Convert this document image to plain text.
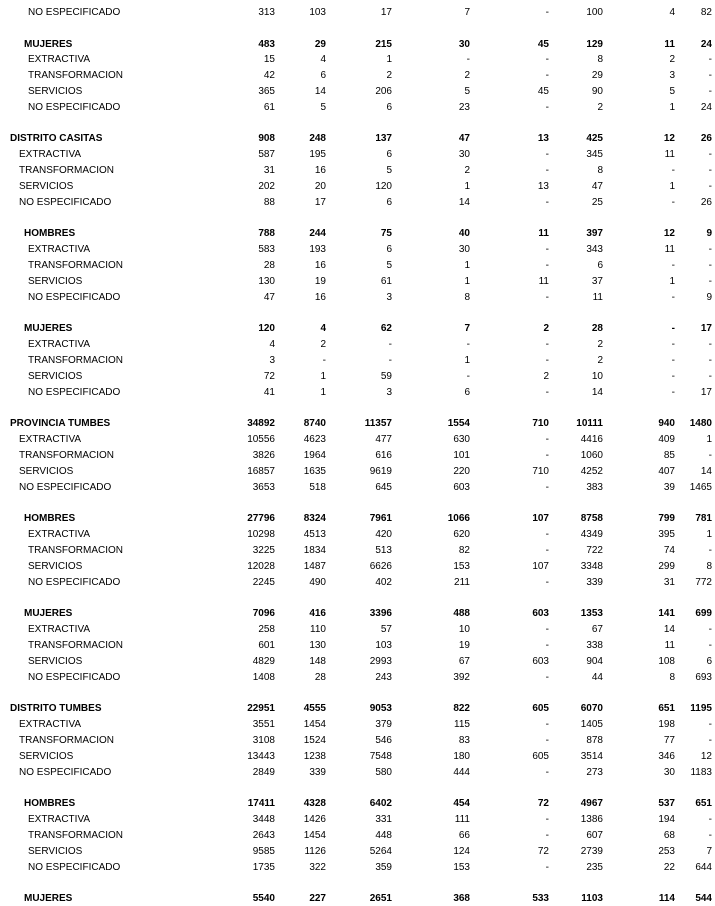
NO ESPECIFICADO	313	103	17	7	-	100	4	82
MUJERES	483	29	215	30	45	129	11	24
EXTRACTIVA	15	4	1	-	-	8	2	-
TRANSFORMACION	42	6	2	2	-	29	3	-
SERVICIOS	365	14	206	5	45	90	5	-
NO ESPECIFICADO	61	5	6	23	-	2	1	24
DISTRITO CASITAS	908	248	137	47	13	425	12	26
EXTRACTIVA	587	195	6	30	-	345	11	-
TRANSFORMACION	31	16	5	2	-	8	-	-
SERVICIOS	202	20	120	1	13	47	1	-
NO ESPECIFICADO	88	17	6	14	-	25	-	26
HOMBRES	788	244	75	40	11	397	12	9
EXTRACTIVA	583	193	6	30	-	343	11	-
TRANSFORMACION	28	16	5	1	-	6	-	-
SERVICIOS	130	19	61	1	11	37	1	-
NO ESPECIFICADO	47	16	3	8	-	11	-	9
MUJERES	120	4	62	7	2	28	-	17
EXTRACTIVA	4	2	-	-	-	2	-	-
TRANSFORMACION	3	-	-	1	-	2	-	-
SERVICIOS	72	1	59	-	2	10	-	-
NO ESPECIFICADO	41	1	3	6	-	14	-	17
PROVINCIA TUMBES	34892	8740	11357	1554	710	10111	940	1480
EXTRACTIVA	10556	4623	477	630	-	4416	409	1
TRANSFORMACION	3826	1964	616	101	-	1060	85	-
SERVICIOS	16857	1635	9619	220	710	4252	407	14
NO ESPECIFICADO	3653	518	645	603	-	383	39	1465
HOMBRES	27796	8324	7961	1066	107	8758	799	781
EXTRACTIVA	10298	4513	420	620	-	4349	395	1
TRANSFORMACION	3225	1834	513	82	-	722	74	-
SERVICIOS	12028	1487	6626	153	107	3348	299	8
NO ESPECIFICADO	2245	490	402	211	-	339	31	772
MUJERES	7096	416	3396	488	603	1353	141	699
EXTRACTIVA	258	110	57	10	-	67	14	-
TRANSFORMACION	601	130	103	19	-	338	11	-
SERVICIOS	4829	148	2993	67	603	904	108	6
NO ESPECIFICADO	1408	28	243	392	-	44	8	693
DISTRITO TUMBES	22951	4555	9053	822	605	6070	651	1195
EXTRACTIVA	3551	1454	379	115	-	1405	198	-
TRANSFORMACION	3108	1524	546	83	-	878	77	-
SERVICIOS	13443	1238	7548	180	605	3514	346	12
NO ESPECIFICADO	2849	339	580	444	-	273	30	1183
HOMBRES	17411	4328	6402	454	72	4967	537	651
EXTRACTIVA	3448	1426	331	111	-	1386	194	-
TRANSFORMACION	2643	1454	448	66	-	607	68	-
SERVICIOS	9585	1126	5264	124	72	2739	253	7
NO ESPECIFICADO	1735	322	359	153	-	235	22	644
MUJERES	5540	227	2651	368	533	1103	114	544
